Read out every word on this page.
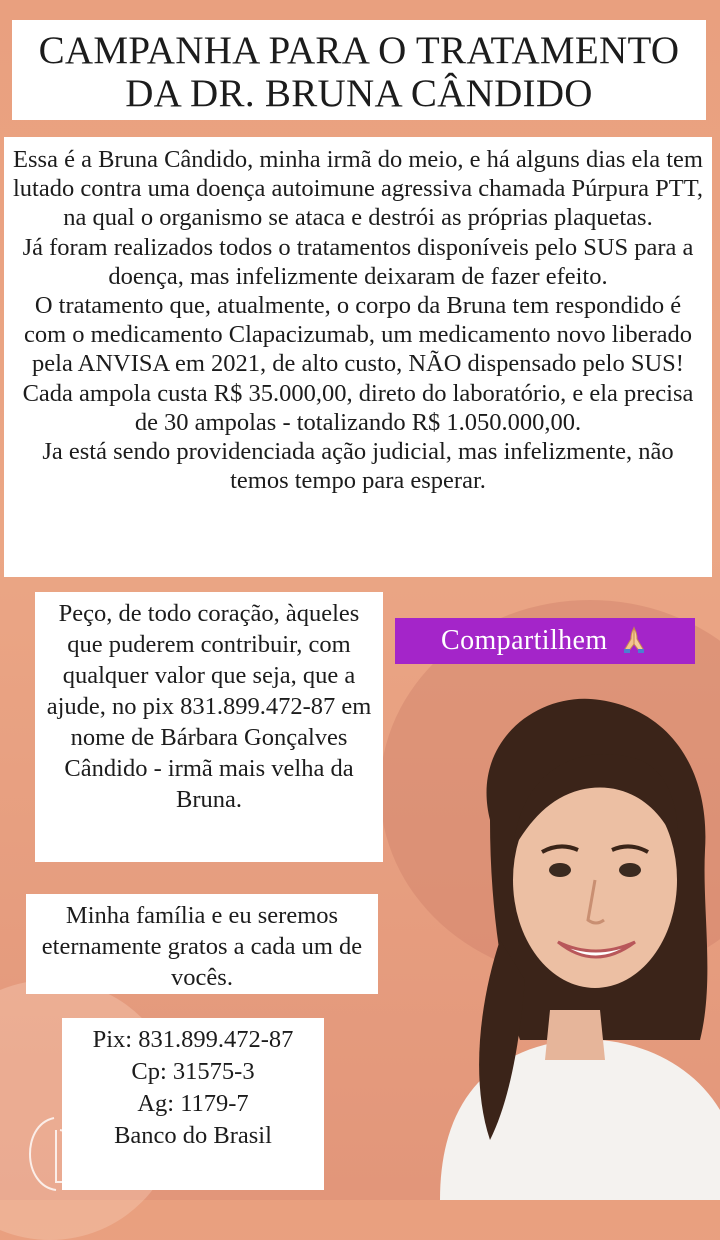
CAMPANHA PARA O TRATAMENTO
DA DR. BRUNA CÂNDIDO

Essa é a Bruna Cândido, minha irmã do meio, e há alguns dias ela tem lutado contra uma doença autoimune agressiva chamada Púrpura PTT, na qual o organismo se ataca e destrói as próprias plaquetas.

Já foram realizados todos o tratamentos disponíveis pelo SUS para a doença, mas infelizmente deixaram de fazer efeito.

O tratamento que, atualmente, o corpo da Bruna tem respondido é com o medicamento Clapacizumab, um medicamento novo liberado pela ANVISA em 2021, de alto custo, NÃO dispensado pelo SUS!

Cada ampola custa R$ 35.000,00, direto do laboratório, e ela precisa de 30 ampolas - totalizando R$ 1.050.000,00.

Ja está sendo providenciada ação judicial, mas infelizmente, não temos tempo para esperar.

Peço, de todo coração, àqueles que puderem contribuir, com qualquer valor que seja, que a ajude, no pix 831.899.472-87 em nome de Bárbara Gonçalves Cândido - irmã mais velha da Bruna.
Compartilhem
Minha família e eu seremos eternamente gratos a cada um de vocês.
Pix: 831.899.472-87
Cp: 31575-3
Ag: 1179-7
Banco do Brasil
